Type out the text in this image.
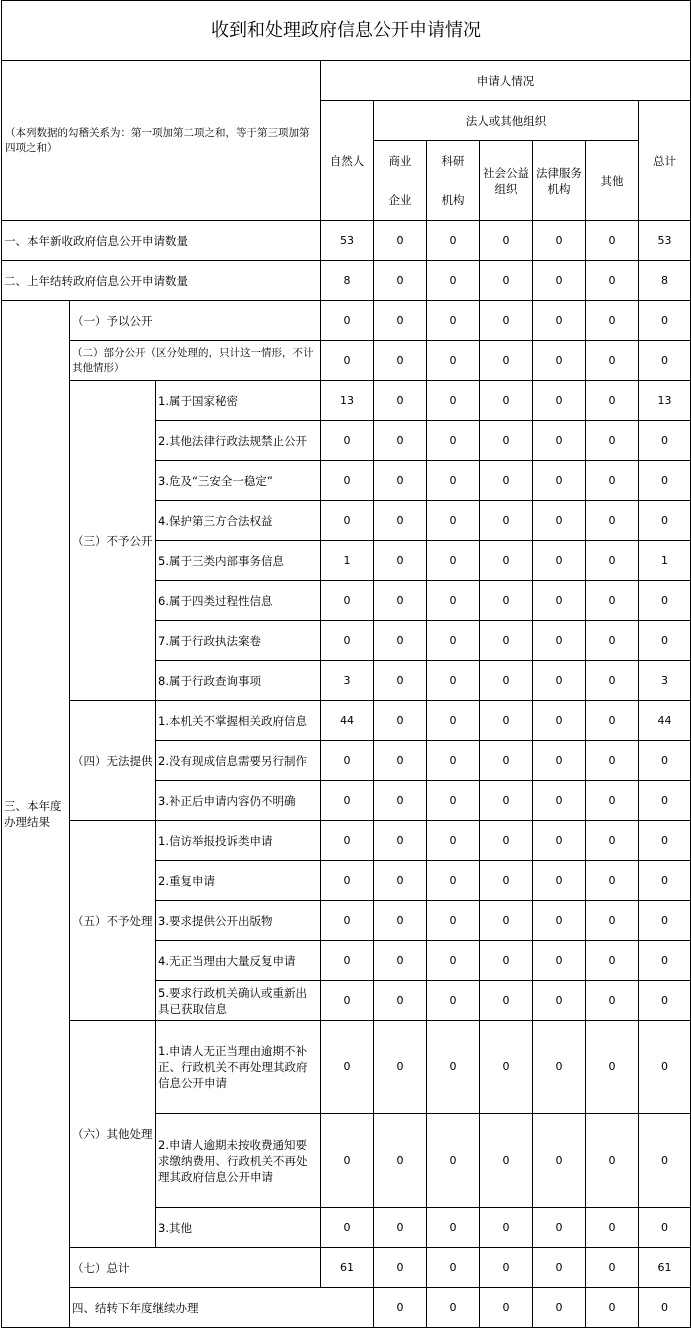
收到和处理政府信息公开申请情况										
（本列数据的勾稽关系为：第一项加第二项之和，等于第三项加第四项之和）			申请人情况							
			自然人	法人或其他组织					总计	
				商业	科研	社会公益组织	法律服务机构	其他		
				企业	机构					
一、本年新收政府信息公开申请数量			53	0	0	0	0	0	53	
二、上年结转政府信息公开申请数量			8	0	0	0	0	0	8	
三、本年度办理结果	（一）予以公开		0	0	0	0	0	0	0	
	（二）部分公开（区分处理的，只计这一情形，不计其他情形）		0	0	0	0	0	0	0	
	（三）不予公开	1.属于国家秘密	13	0	0	0	0	0	13	
		2.其他法律行政法规禁止公开	0	0	0	0	0	0	0	
		3.危及“三安全一稳定”	0	0	0	0	0	0	0	
		4.保护第三方合法权益	0	0	0	0	0	0	0	
		5.属于三类内部事务信息	1	0	0	0	0	0	1	
		6.属于四类过程性信息	0	0	0	0	0	0	0	
		7.属于行政执法案卷	0	0	0	0	0	0	0	
		8.属于行政查询事项	3	0	0	0	0	0	3	
	（四）无法提供	1.本机关不掌握相关政府信息	44	0	0	0	0	0	44	
		2.没有现成信息需要另行制作	0	0	0	0	0	0	0	
		3.补正后申请内容仍不明确	0	0	0	0	0	0	0	
	（五）不予处理	1.信访举报投诉类申请	0	0	0	0	0	0	0	
		2.重复申请	0	0	0	0	0	0	0	
		3.要求提供公开出版物	0	0	0	0	0	0	0	
		4.无正当理由大量反复申请	0	0	0	0	0	0	0	
		5.要求行政机关确认或重新出具已获取信息	0	0	0	0	0	0	0	
	（六）其他处理	1.申请人无正当理由逾期不补正、行政机关不再处理其政府信息公开申请	0	0	0	0	0	0	0	
		2.申请人逾期未按收费通知要求缴纳费用、行政机关不再处理其政府信息公开申请	0	0	0	0	0	0	0	
		3.其他	0	0	0	0	0	0	0	
	（七）总计		61	0	0	0	0	0	61	
	四、结转下年度继续办理			0	0	0	0	0	0	
